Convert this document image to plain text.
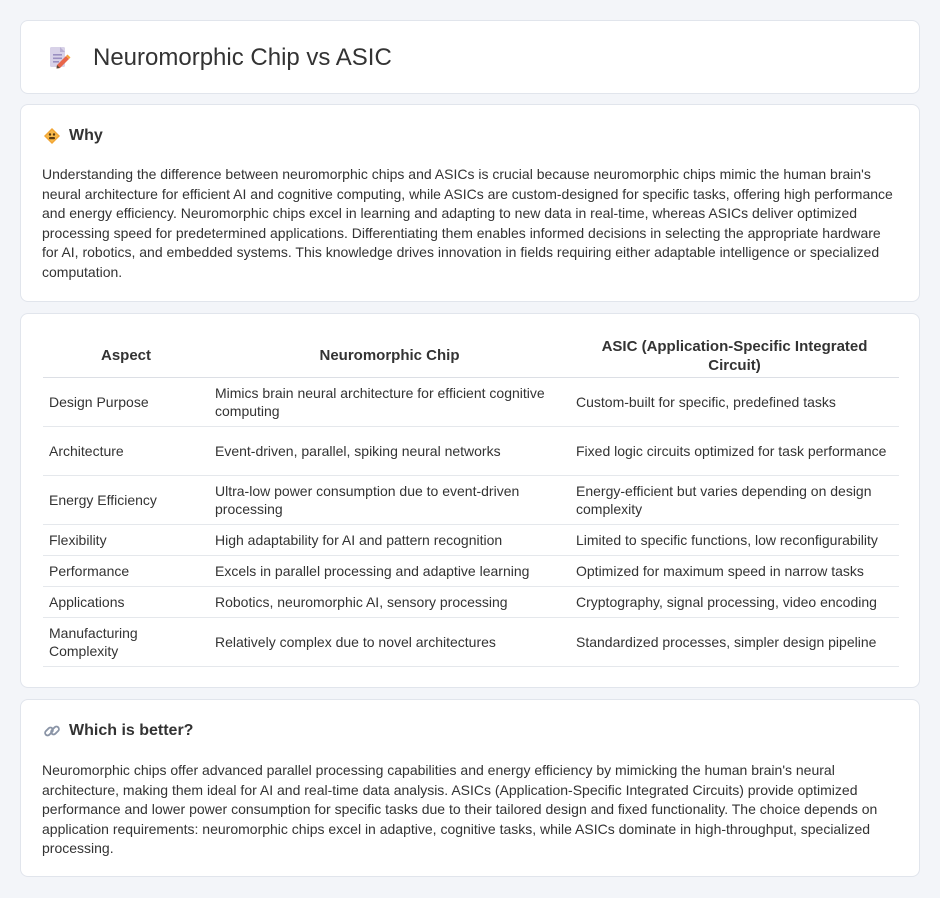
Neuromorphic Chip vs ASIC
Why

Understanding the difference between neuromorphic chips and ASICs is crucial because neuromorphic chips mimic the human brain's neural architecture for efficient AI and cognitive computing, while ASICs are custom-designed for specific tasks, offering high performance and energy efficiency. Neuromorphic chips excel in learning and adapting to new data in real-time, whereas ASICs deliver optimized processing speed for predetermined applications. Differentiating them enables informed decisions in selecting the appropriate hardware for AI, robotics, and embedded systems. This knowledge drives innovation in fields requiring either adaptable intelligence or specialized computation.

Aspect	Neuromorphic Chip	ASIC (Application-Specific Integrated Circuit)
Design Purpose	Mimics brain neural architecture for efficient cognitive computing	Custom-built for specific, predefined tasks
Architecture	Event-driven, parallel, spiking neural networks	Fixed logic circuits optimized for task performance
Energy Efficiency	Ultra-low power consumption due to event-driven processing	Energy-efficient but varies depending on design complexity
Flexibility	High adaptability for AI and pattern recognition	Limited to specific functions, low reconfigurability
Performance	Excels in parallel processing and adaptive learning	Optimized for maximum speed in narrow tasks
Applications	Robotics, neuromorphic AI, sensory processing	Cryptography, signal processing, video encoding
Manufacturing Complexity	Relatively complex due to novel architectures	Standardized processes, simpler design pipeline
Which is better?

Neuromorphic chips offer advanced parallel processing capabilities and energy efficiency by mimicking the human brain's neural architecture, making them ideal for AI and real-time data analysis. ASICs (Application-Specific Integrated Circuits) provide optimized performance and lower power consumption for specific tasks due to their tailored design and fixed functionality. The choice depends on application requirements: neuromorphic chips excel in adaptive, cognitive tasks, while ASICs dominate in high-throughput, specialized processing.
